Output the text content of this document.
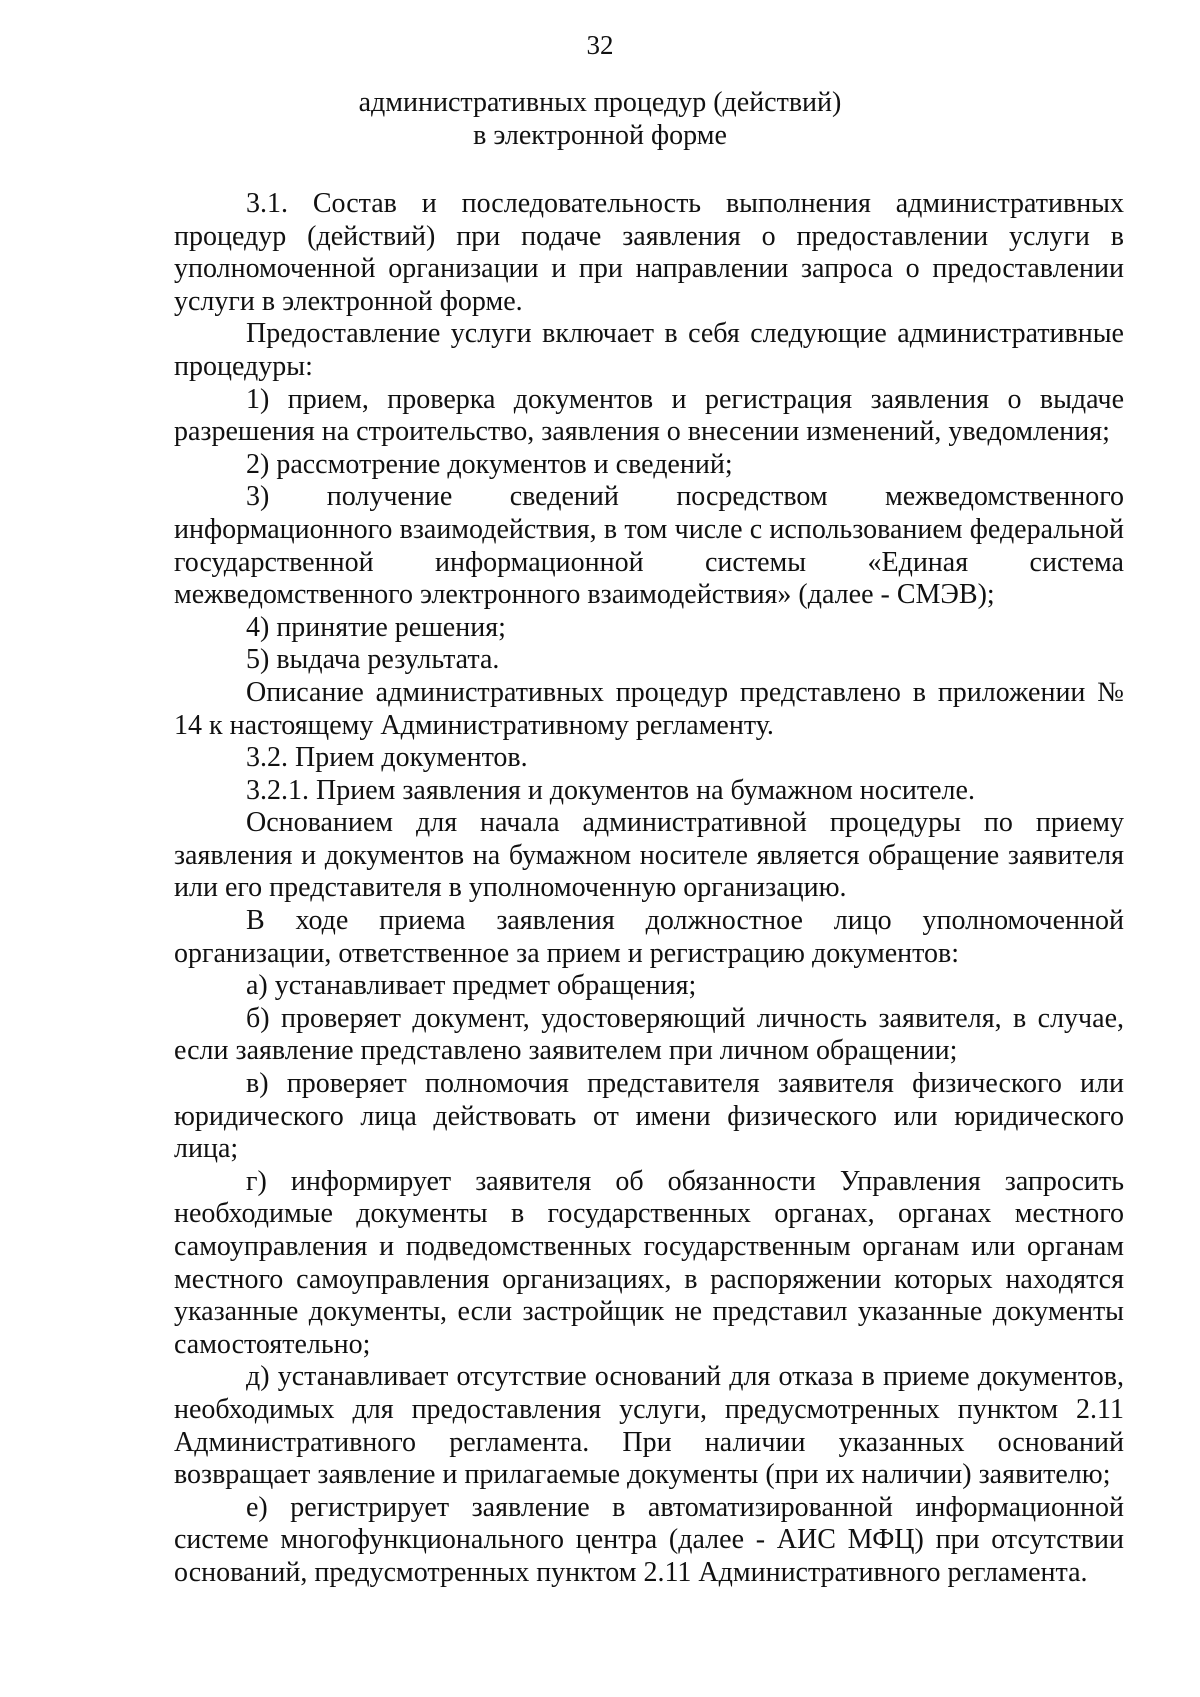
32
административных процедур (действий)
в электронной форме

3.1. Состав и последовательность выполнения административных процедур (действий) при подаче заявления о предоставлении услуги в уполномоченной организации и при направлении запроса о предоставлении услуги в электронной форме.

Предоставление услуги включает в себя следующие административные процедуры:

1) прием, проверка документов и регистрация заявления о выдаче разрешения на строительство, заявления о внесении изменений, уведомления;

2) рассмотрение документов и сведений;

3) получение сведений посредством межведомственного информационного взаимодействия, в том числе с использованием федеральной государственной информационной системы «Единая система межведомственного электронного взаимодействия» (далее - СМЭВ);

4) принятие решения;

5) выдача результата.

Описание административных процедур представлено в приложении № 14 к настоящему Административному регламенту.

3.2. Прием документов.

3.2.1. Прием заявления и документов на бумажном носителе.

Основанием для начала административной процедуры по приему заявления и документов на бумажном носителе является обращение заявителя или его представителя в уполномоченную организацию.

В ходе приема заявления должностное лицо уполномоченной организации, ответственное за прием и регистрацию документов:

а) устанавливает предмет обращения;

б) проверяет документ, удостоверяющий личность заявителя, в случае, если заявление представлено заявителем при личном обращении;

в) проверяет полномочия представителя заявителя физического или юридического лица действовать от имени физического или юридического лица;

г) информирует заявителя об обязанности Управления запросить необходимые документы в государственных органах, органах местного самоуправления и подведомственных государственным органам или органам местного самоуправления организациях, в распоряжении которых находятся указанные документы, если застройщик не представил указанные документы самостоятельно;

д) устанавливает отсутствие оснований для отказа в приеме документов, необходимых для предоставления услуги, предусмотренных пунктом 2.11 Административного регламента. При наличии указанных оснований возвращает заявление и прилагаемые документы (при их наличии) заявителю;

е) регистрирует заявление в автоматизированной информационной системе многофункционального центра (далее - АИС МФЦ) при отсутствии оснований, предусмотренных пунктом 2.11 Административного регламента.
